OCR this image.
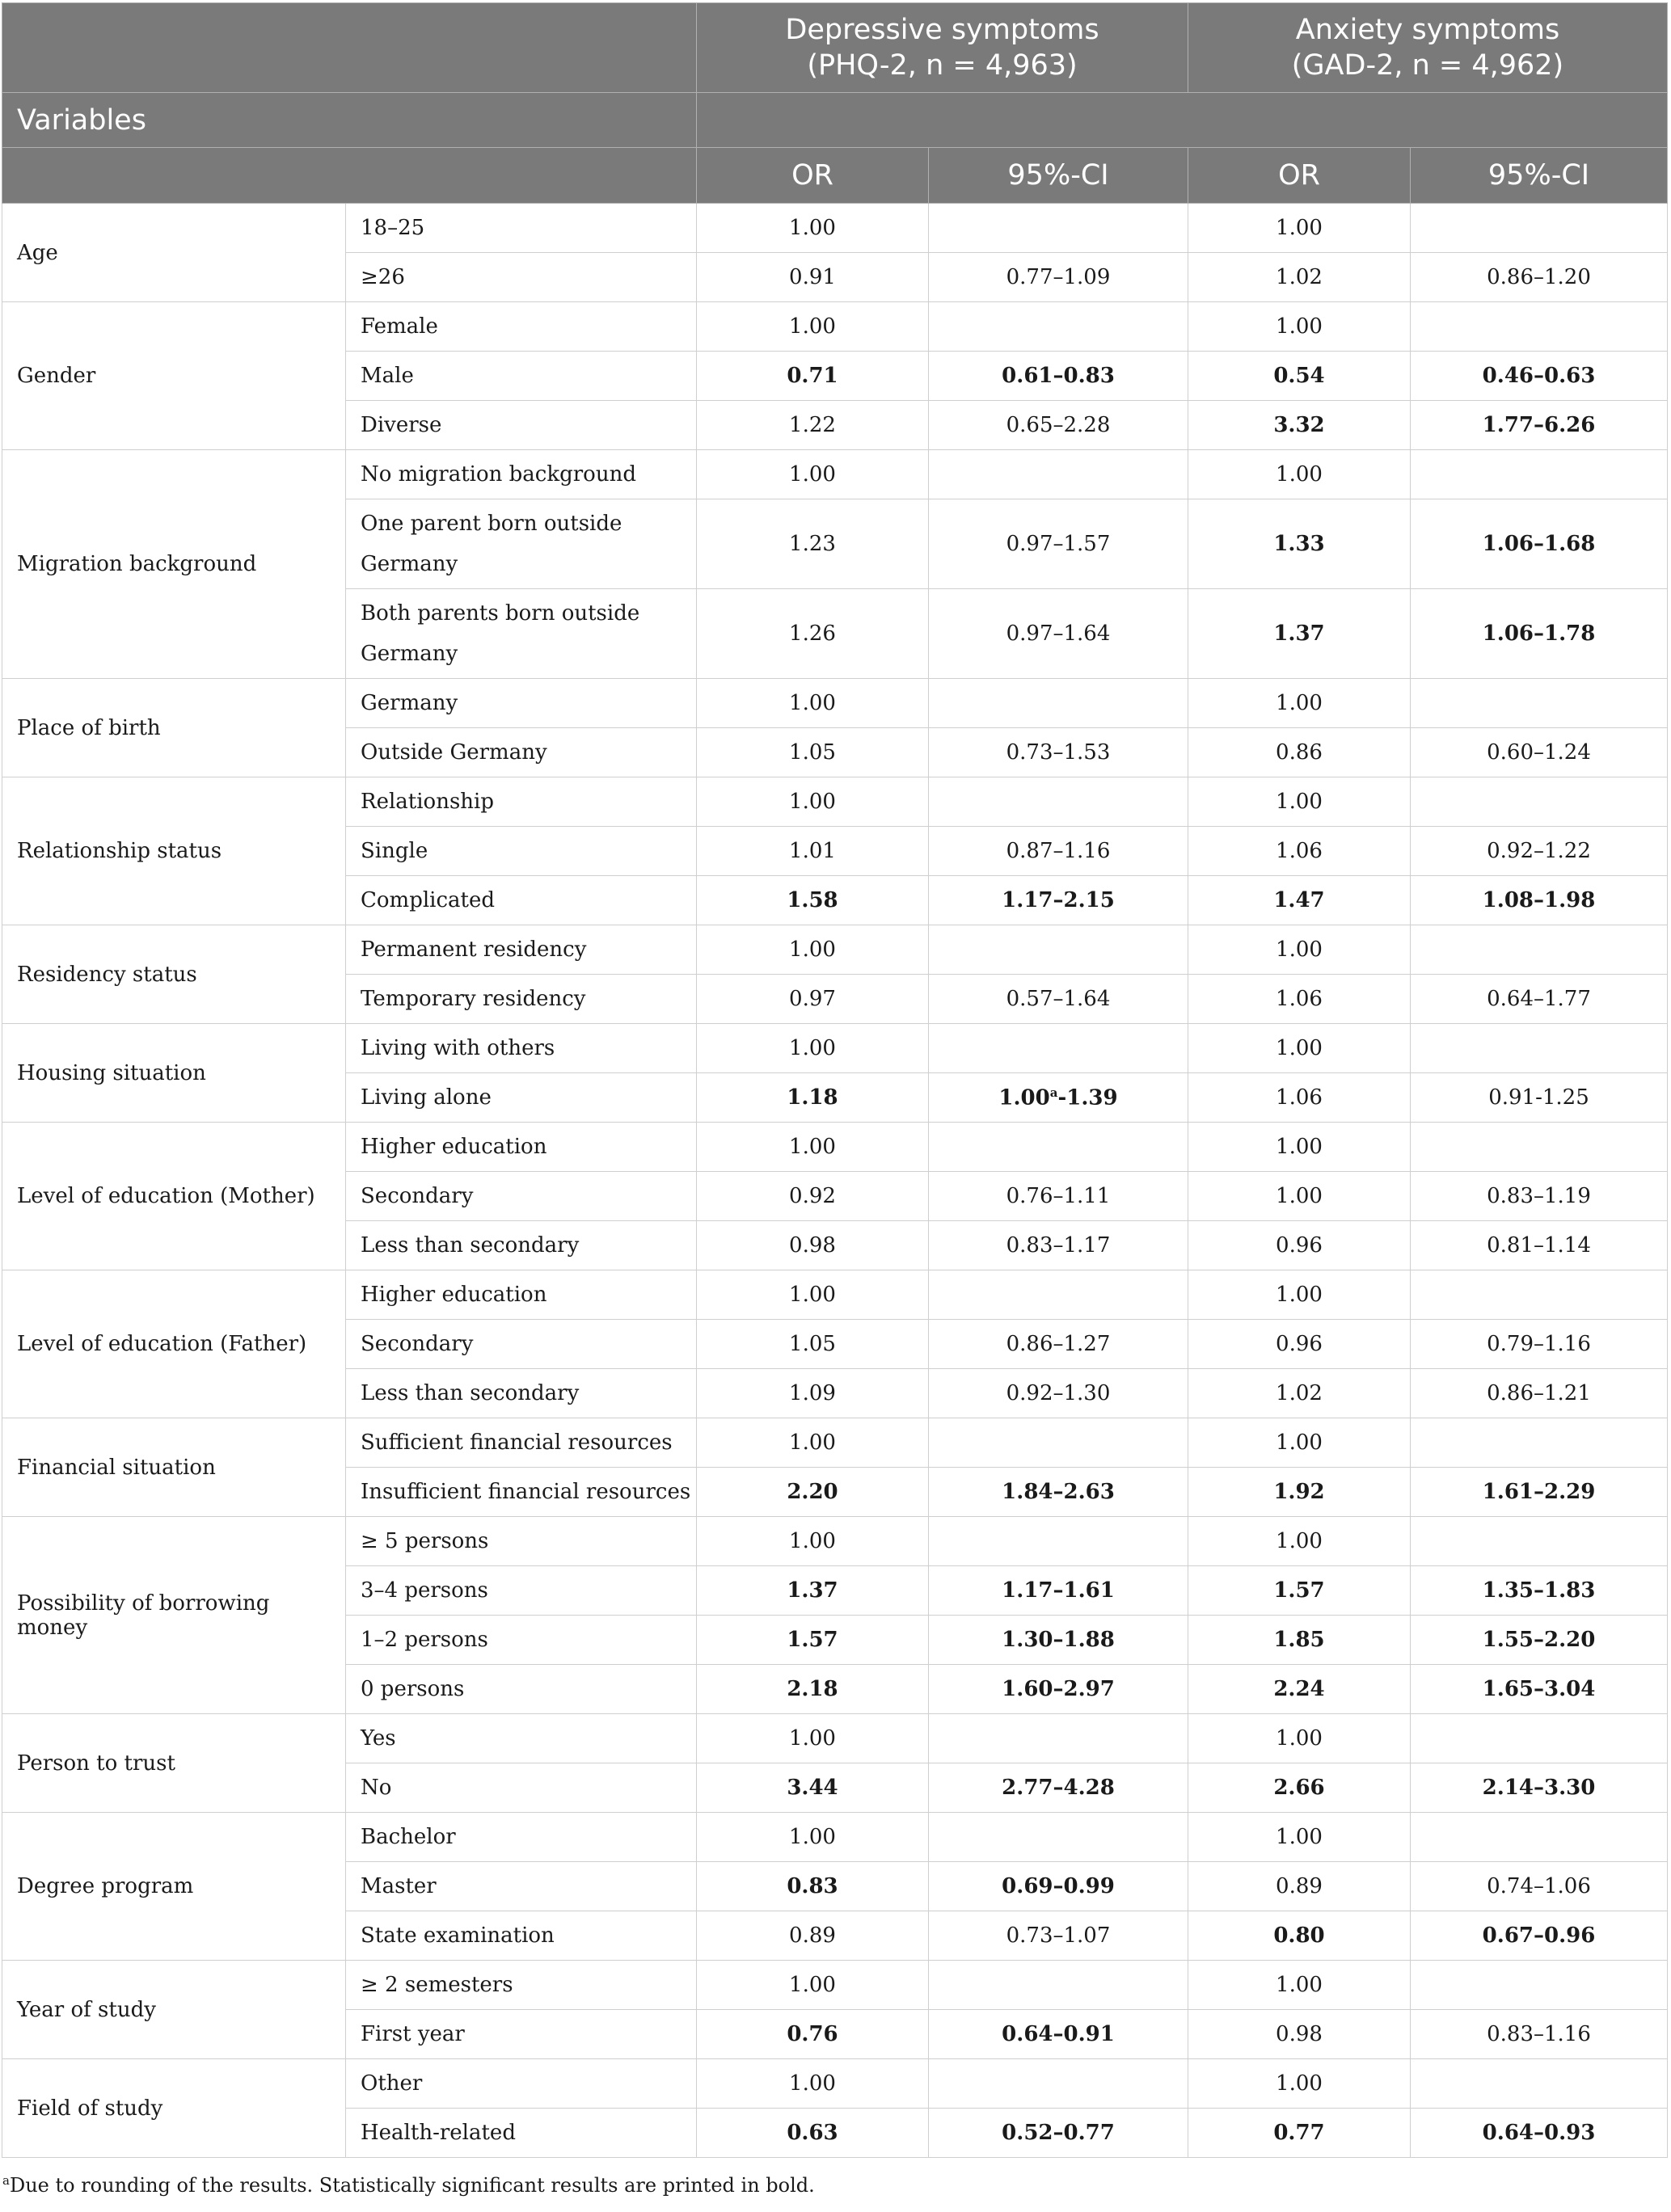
		Depressive symptoms
(PHQ-2, n = 4,963)		Anxiety symptoms
(GAD-2, n = 4,962)	
Variables					
		OR	95%-CI	OR	95%-CI
Age	18–25	1.00		1.00	
	≥26	0.91	0.77–1.09	1.02	0.86–1.20
Gender	Female	1.00		1.00	
	Male	0.71	0.61–0.83	0.54	0.46–0.63
	Diverse	1.22	0.65–2.28	3.32	1.77–6.26
Migration background	No migration background	1.00		1.00	
	One parent born outside Germany	1.23	0.97–1.57	1.33	1.06–1.68
	Both parents born outside Germany	1.26	0.97–1.64	1.37	1.06–1.78
Place of birth	Germany	1.00		1.00	
	Outside Germany	1.05	0.73–1.53	0.86	0.60–1.24
Relationship status	Relationship	1.00		1.00	
	Single	1.01	0.87–1.16	1.06	0.92–1.22
	Complicated	1.58	1.17–2.15	1.47	1.08–1.98
Residency status	Permanent residency	1.00		1.00	
	Temporary residency	0.97	0.57–1.64	1.06	0.64–1.77
Housing situation	Living with others	1.00		1.00	
	Living alone	1.18	1.00$^a$-1.39	1.06	0.91-1.25
Level of education (Mother)	Higher education	1.00		1.00	
	Secondary	0.92	0.76–1.11	1.00	0.83–1.19
	Less than secondary	0.98	0.83–1.17	0.96	0.81–1.14
Level of education (Father)	Higher education	1.00		1.00	
	Secondary	1.05	0.86–1.27	0.96	0.79–1.16
	Less than secondary	1.09	0.92–1.30	1.02	0.86–1.21
Financial situation	Sufficient financial resources	1.00		1.00	
	Insufficient financial resources	2.20	1.84–2.63	1.92	1.61–2.29
Possibility of borrowing money	≥ 5 persons	1.00		1.00	
	3–4 persons	1.37	1.17–1.61	1.57	1.35–1.83
	1–2 persons	1.57	1.30–1.88	1.85	1.55–2.20
	0 persons	2.18	1.60–2.97	2.24	1.65–3.04
Person to trust	Yes	1.00		1.00	
	No	3.44	2.77–4.28	2.66	2.14–3.30
Degree program	Bachelor	1.00		1.00	
	Master	0.83	0.69–0.99	0.89	0.74–1.06
	State examination	0.89	0.73–1.07	0.80	0.67–0.96
Year of study	≥ 2 semesters	1.00		1.00	
	First year	0.76	0.64–0.91	0.98	0.83–1.16
Field of study	Other	1.00		1.00	
	Health-related	0.63	0.52–0.77	0.77	0.64–0.93

$^a$Due to rounding of the results. Statistically significant results are printed in bold.
